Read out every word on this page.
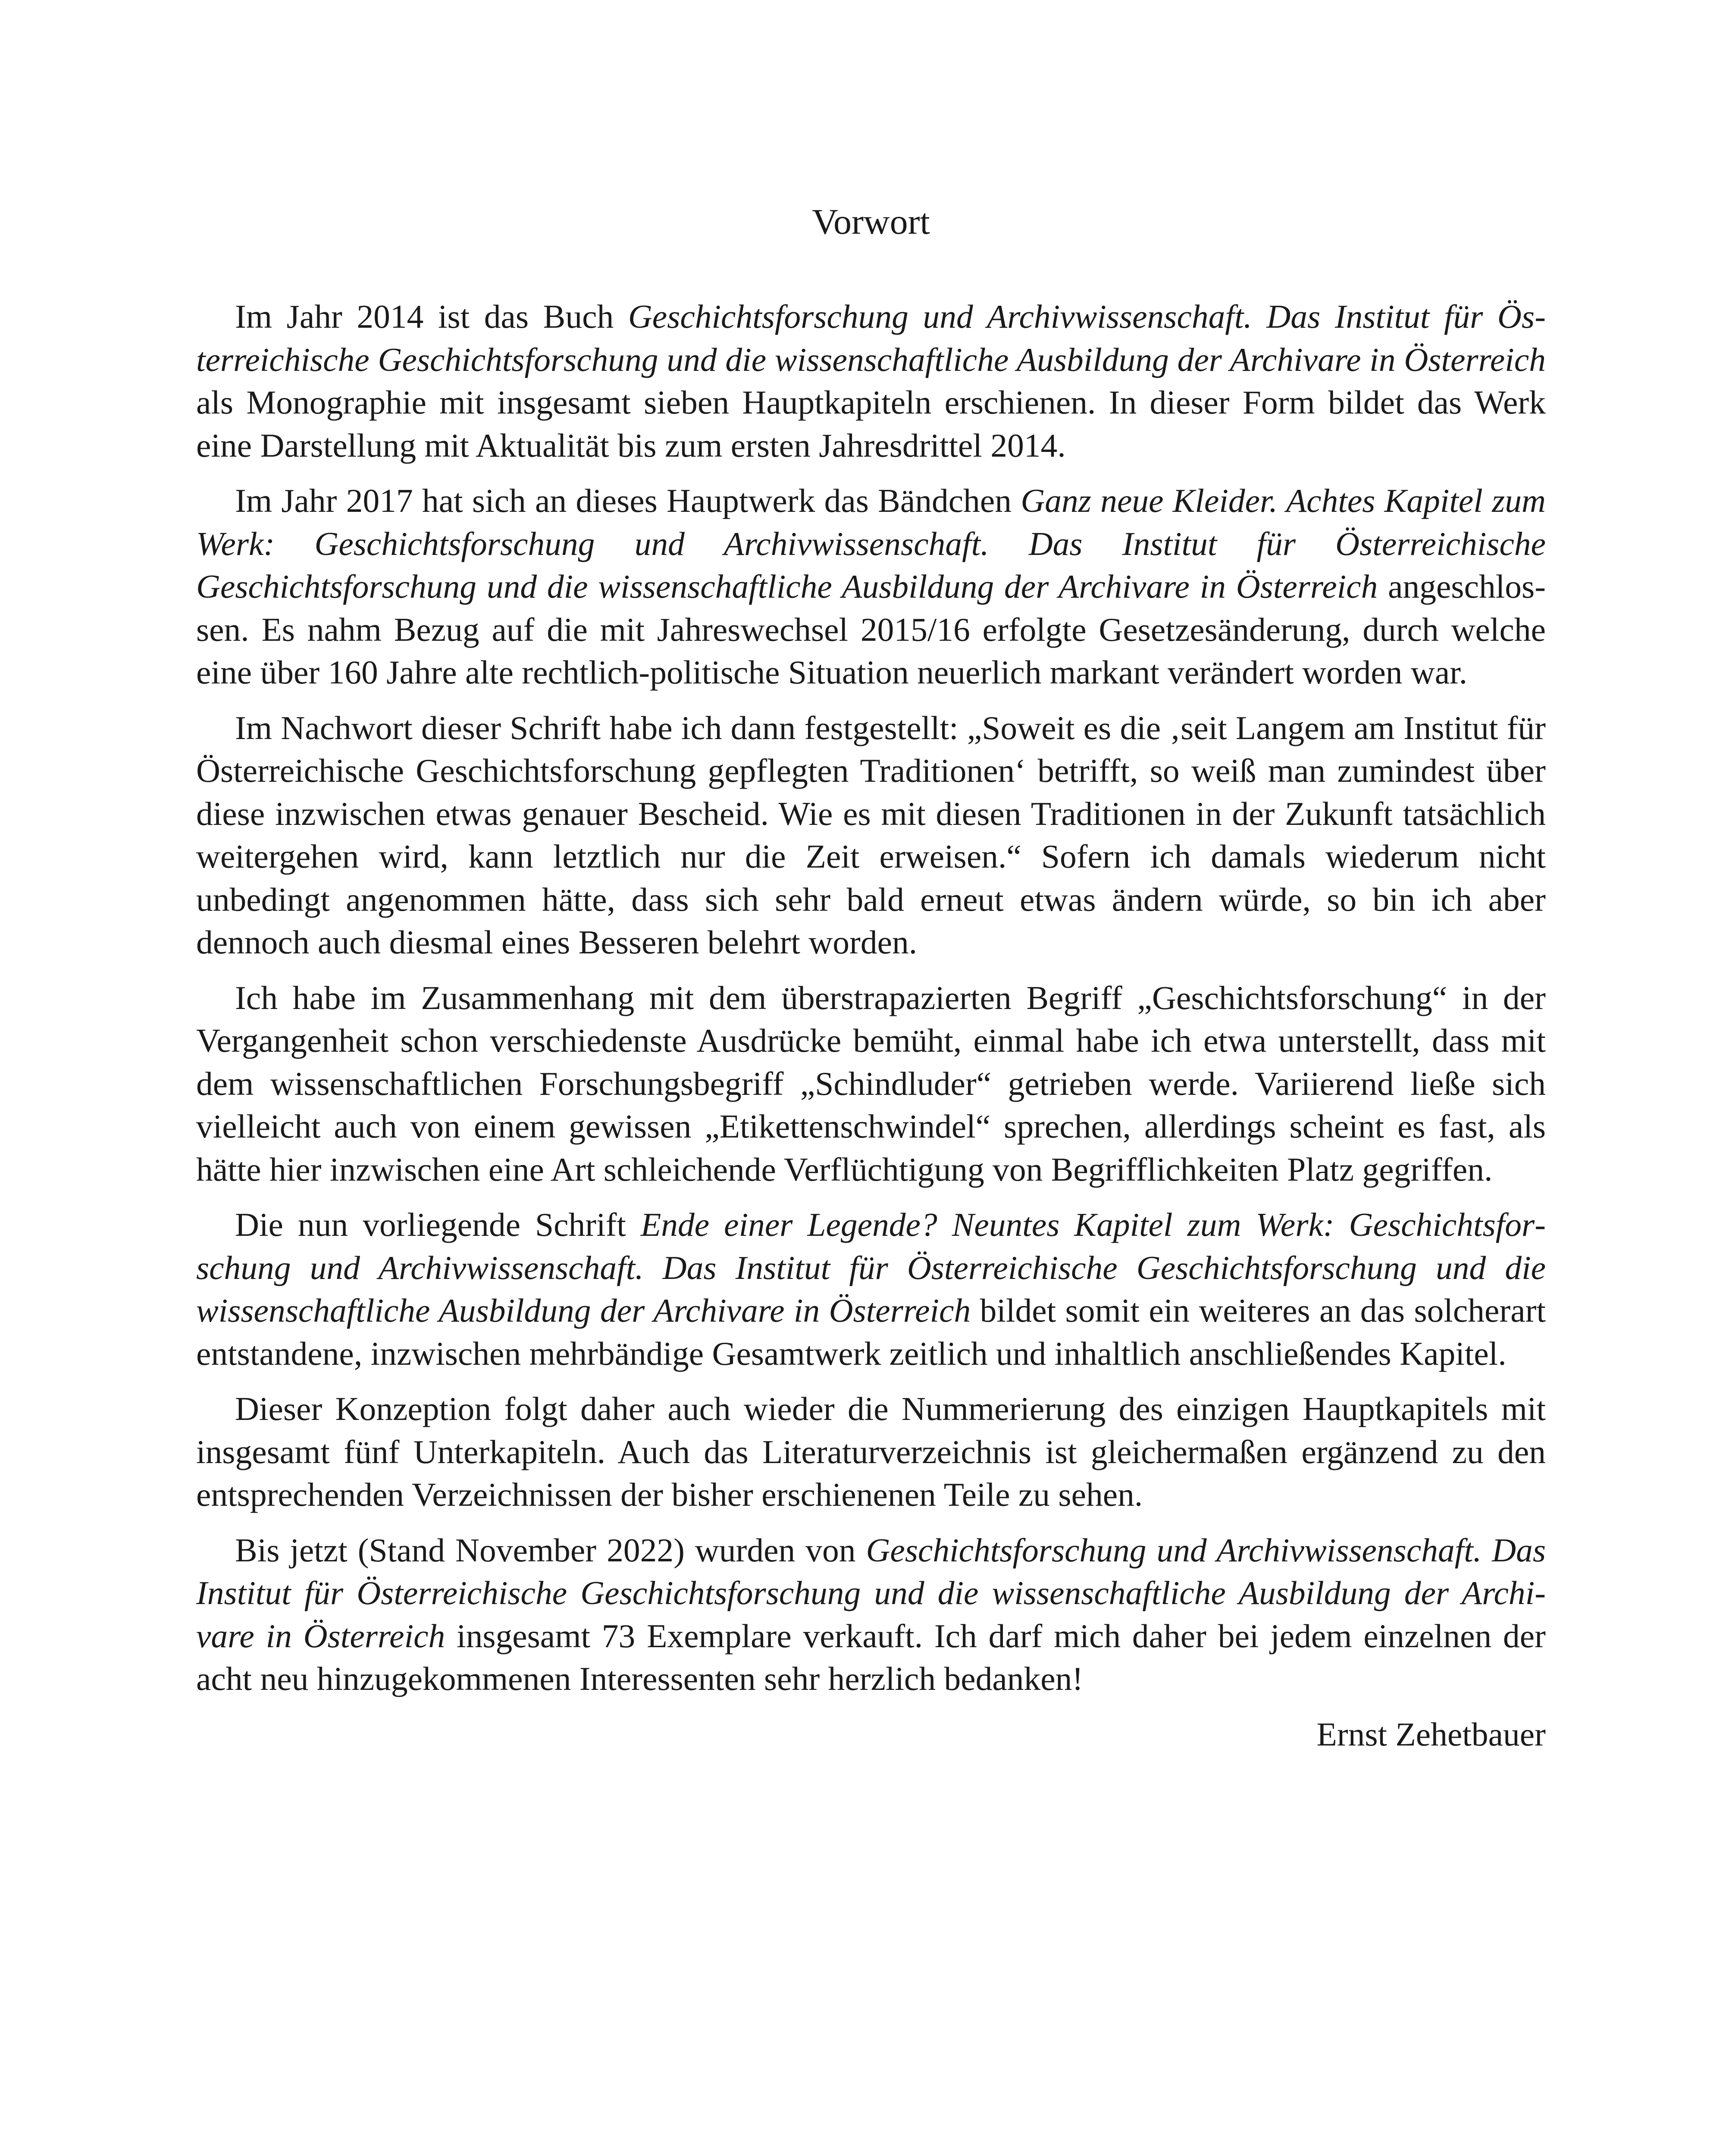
Vorwort

Im Jahr 2014 ist das Buch Geschichtsforschung und Archivwissenschaft. Das Institut für Österreichische Geschichtsforschung und die wissenschaftliche Ausbildung der Archivare in Österreich als Monographie mit insgesamt sieben Hauptkapiteln erschienen. In dieser Form bildet das Werk eine Darstellung mit Aktualität bis zum ersten Jahresdrittel 2014.

Im Jahr 2017 hat sich an dieses Hauptwerk das Bändchen Ganz neue Kleider. Achtes Kapitel zum Werk: Geschichtsforschung und Archivwissenschaft. Das Institut für Österreichische Geschichtsforschung und die wissenschaftliche Ausbildung der Archivare in Österreich angeschlossen. Es nahm Bezug auf die mit Jahreswechsel 2015/16 erfolgte Gesetzesänderung, durch welche eine über 160 Jahre alte rechtlich-politische Situation neuerlich markant verändert worden war.

Im Nachwort dieser Schrift habe ich dann festgestellt: „Soweit es die ‚seit Langem am Institut für Österreichische Geschichtsforschung gepflegten Traditionen‘ betrifft, so weiß man zumindest über diese inzwischen etwas genauer Bescheid. Wie es mit diesen Traditionen in der Zukunft tatsächlich weitergehen wird, kann letztlich nur die Zeit erweisen.“ Sofern ich damals wiederum nicht unbedingt angenommen hätte, dass sich sehr bald erneut etwas ändern würde, so bin ich aber dennoch auch diesmal eines Besseren belehrt worden.

Ich habe im Zusammenhang mit dem überstrapazierten Begriff „Geschichtsforschung“ in der Vergangenheit schon verschiedenste Ausdrücke bemüht, einmal habe ich etwa unterstellt, dass mit dem wissenschaftlichen Forschungsbegriff „Schindluder“ getrieben werde. Variierend ließe sich vielleicht auch von einem gewissen „Etikettenschwindel“ sprechen, allerdings scheint es fast, als hätte hier inzwischen eine Art schleichende Verflüchtigung von Begrifflichkeiten Platz gegriffen.

Die nun vorliegende Schrift Ende einer Legende? Neuntes Kapitel zum Werk: Geschichtsforschung und Archivwissenschaft. Das Institut für Österreichische Geschichtsforschung und die wissenschaftliche Ausbildung der Archivare in Österreich bildet somit ein weiteres an das solcherart entstandene, inzwischen mehrbändige Gesamtwerk zeitlich und inhaltlich anschließendes Kapitel.

Dieser Konzeption folgt daher auch wieder die Nummerierung des einzigen Hauptkapitels mit insgesamt fünf Unterkapiteln. Auch das Literaturverzeichnis ist gleichermaßen ergänzend zu den entsprechenden Verzeichnissen der bisher erschienenen Teile zu sehen.

Bis jetzt (Stand November 2022) wurden von Geschichtsforschung und Archivwissenschaft. Das Institut für Österreichische Geschichtsforschung und die wissenschaftliche Ausbildung der Archivare in Österreich insgesamt 73 Exemplare verkauft. Ich darf mich daher bei jedem einzelnen der acht neu hinzugekommenen Interessenten sehr herzlich bedanken!

Ernst Zehetbauer
